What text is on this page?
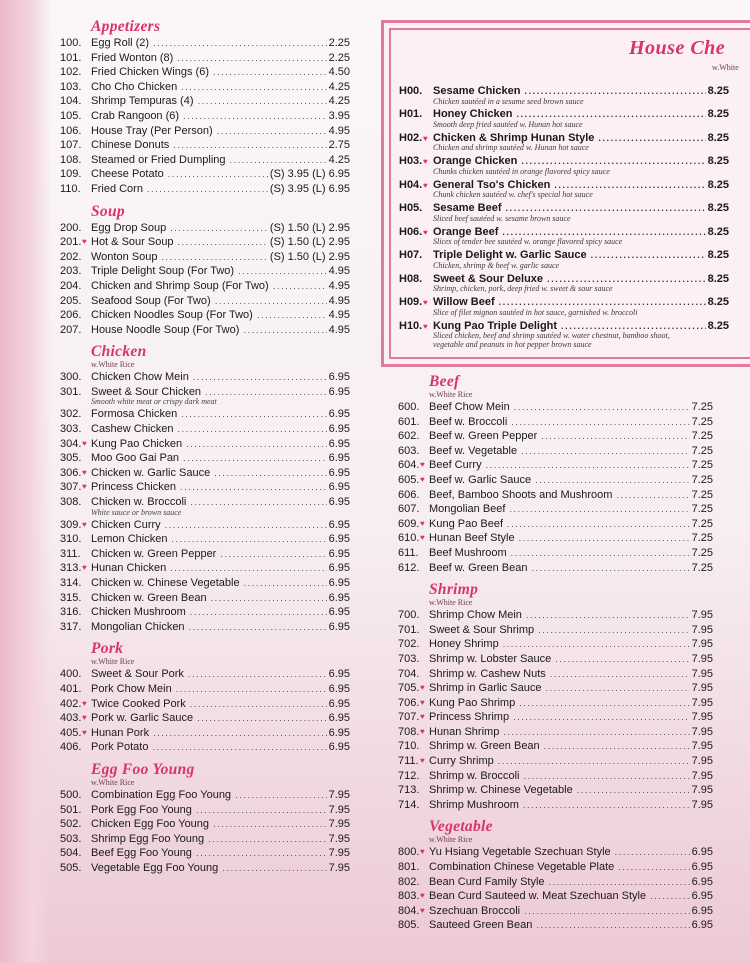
Appetizers
100. Egg Roll (2) .....	2.25
101. Fried Wonton (8) .....	2.25
102. Fried Chicken Wings (6) .....	4.50
103. Cho Cho Chicken .....	4.25
104. Shrimp Tempuras (4) .....	4.25
105. Crab Rangoon (6) .....	3.95
106. House Tray (Per Person) .....	4.95
107. Chinese Donuts .....	2.75
108. Steamed or Fried Dumpling .....	4.25
109. Cheese Potato .....	(S) 3.95 (L) 6.95
110. Fried Corn .....	(S) 3.95 (L) 6.95
Soup
200. Egg Drop Soup .....	(S) 1.50 (L) 2.95
201. ♥ Hot & Sour Soup .....	(S) 1.50 (L) 2.95
202. Wonton Soup .....	(S) 1.50 (L) 2.95
203. Triple Delight Soup (For Two) .....	4.95
204. Chicken and Shrimp Soup (For Two) .....	4.95
205. Seafood Soup (For Two) .....	4.95
206. Chicken Noodles Soup (For Two) .....	4.95
207. House Noodle Soup (For Two) .....	4.95
Chicken
w.White Rice
300. Chicken Chow Mein .....	6.95
301. Sweet & Sour Chicken .....	6.95
Smooth white meat or crispy dark meat
302. Formosa Chicken .....	6.95
303. Cashew Chicken .....	6.95
304. ♥ Kung Pao Chicken .....	6.95
305. Moo Goo Gai Pan .....	6.95
306. ♥ Chicken w. Garlic Sauce .....	6.95
307. ♥ Princess Chicken .....	6.95
308. Chicken w. Broccoli .....	6.95
White sauce or brown sauce
309. ♥ Chicken Curry .....	6.95
310. Lemon Chicken .....	6.95
311. Chicken w. Green Pepper .....	6.95
313. ♥ Hunan Chicken .....	6.95
314. Chicken w. Chinese Vegetable .....	6.95
315. Chicken w. Green Bean .....	6.95
316. Chicken Mushroom .....	6.95
317. Mongolian Chicken .....	6.95
Pork
w.White Rice
400. Sweet & Sour Pork .....	6.95
401. Pork Chow Mein .....	6.95
402. ♥ Twice Cooked Pork .....	6.95
403. ♥ Pork w. Garlic Sauce .....	6.95
405. ♥ Hunan Pork .....	6.95
406. Pork Potato .....	6.95
Egg Foo Young
w.White Rice
500. Combination Egg Foo Young .....	7.95
501. Pork Egg Foo Young .....	7.95
502. Chicken Egg Foo Young .....	7.95
503. Shrimp Egg Foo Young .....	7.95
504. Beef Egg Foo Young .....	7.95
505. Vegetable Egg Foo Young .....	7.95
House Che
w.White
H00. Sesame Chicken .....	8.25
Chicken sautéed in a sesame seed brown sauce
H01. Honey Chicken .....	8.25
Smooth deep fried sautéed w. Hunan hot sauce
H02. ♥ Chicken & Shrimp Hunan Style .....	8.25
Chicken and shrimp sautéed w. Hunan hot sauce
H03. ♥ Orange Chicken .....	8.25
Chunks chicken sautéed in orange flavored spicy sauce
H04. ♥ General Tso's Chicken .....	8.25
Chunk chicken sautéed w. chef's special hot sauce
H05. Sesame Beef .....	8.25
Sliced beef sautéed w. sesame brown sauce
H06. ♥ Orange Beef .....	8.25
Slices of tender bee sautéed w. orange flavored spicy sauce
H07. Triple Delight w. Garlic Sauce .....	8.25
Chicken, shrimp & beef w. garlic sauce
H08. Sweet & Sour Deluxe .....	8.25
Shrimp, chicken, pork, deep fried w. sweet & sour sauce
H09. ♥ Willow Beef .....	8.25
Slice of filet mignon sautéed in hot sauce, garnished w. broccoli
H10. ♥ Kung Pao Triple Delight .....	8.25
Sliced chicken, beef and shrimp sautéed w. water chestnut, bamboo shoot, vegetable and peanuts in hot pepper brown sauce
Beef
w.White Rice
600. Beef Chow Mein .....	7.25
601. Beef w. Broccoli .....	7.25
602. Beef w. Green Pepper .....	7.25
603. Beef w. Vegetable .....	7.25
604. ♥ Beef Curry .....	7.25
605. ♥ Beef w. Garlic Sauce .....	7.25
606. Beef, Bamboo Shoots and Mushroom .....	7.25
607. Mongolian Beef .....	7.25
609. ♥ Kung Pao Beef .....	7.25
610. ♥ Hunan Beef Style .....	7.25
611. Beef Mushroom .....	7.25
612. Beef w. Green Bean .....	7.25
Shrimp
w.White Rice
700. Shrimp Chow Mein .....	7.95
701. Sweet & Sour Shrimp .....	7.95
702. Honey Shrimp .....	7.95
703. Shrimp w. Lobster Sauce .....	7.95
704. Shrimp w. Cashew Nuts .....	7.95
705. ♥ Shrimp in Garlic Sauce .....	7.95
706. ♥ Kung Pao Shrimp .....	7.95
707. ♥ Princess Shrimp .....	7.95
708. ♥ Hunan Shrimp .....	7.95
710. Shrimp w. Green Bean .....	7.95
711. ♥ Curry Shrimp .....	7.95
712. Shrimp w. Broccoli .....	7.95
713. Shrimp w. Chinese Vegetable .....	7.95
714. Shrimp Mushroom .....	7.95
Vegetable
w.White Rice
800. ♥ Yu Hsiang Vegetable Szechuan Style .....	6.95
801. Combination Chinese Vegetable Plate .....	6.95
802. Bean Curd Family Style .....	6.95
803. ♥ Bean Curd Sauteed w. Meat Szechuan Style .....	6.95
804. ♥ Szechuan Broccoli .....	6.95
805. Sauteed Green Bean .....	6.95
